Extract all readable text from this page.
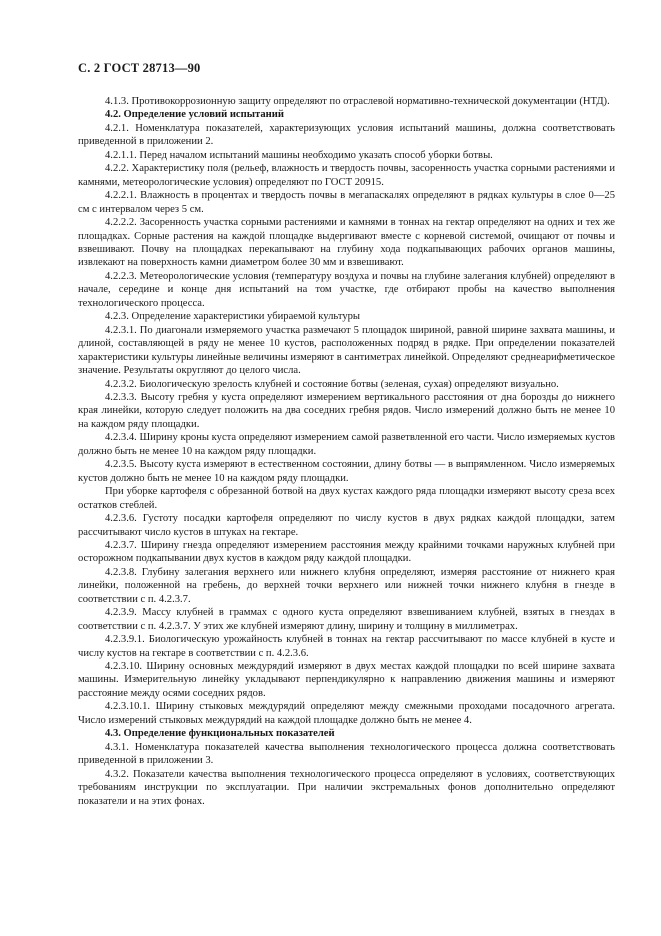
С. 2 ГОСТ 28713—90

4.1.3. Противокоррозионную защиту определяют по отраслевой нормативно-технической документации (НТД).

4.2. Определение условий испытаний

4.2.1. Номенклатура показателей, характеризующих условия испытаний машины, должна соответствовать приведенной в приложении 2.

4.2.1.1. Перед началом испытаний машины необходимо указать способ уборки ботвы.

4.2.2. Характеристику поля (рельеф, влажность и твердость почвы, засоренность участка сорными растениями и камнями, метеорологические условия) определяют по ГОСТ 20915.

4.2.2.1. Влажность в процентах и твердость почвы в мегапаскалях определяют в рядках культуры в слое 0—25 см с интервалом через 5 см.

4.2.2.2. Засоренность участка сорными растениями и камнями в тоннах на гектар определяют на одних и тех же площадках. Сорные растения на каждой площадке выдергивают вместе с корневой системой, очищают от почвы и взвешивают. Почву на площадках перекапывают на глубину хода подкапывающих рабочих органов машины, извлекают на поверхность камни диаметром более 30 мм и взвешивают.

4.2.2.3. Метеорологические условия (температуру воздуха и почвы на глубине залегания клубней) определяют в начале, середине и конце дня испытаний на том участке, где отбирают пробы на качество выполнения технологического процесса.

4.2.3. Определение характеристики убираемой культуры

4.2.3.1. По диагонали измеряемого участка размечают 5 площадок шириной, равной ширине захвата машины, и длиной, составляющей в ряду не менее 10 кустов, расположенных подряд в рядке. При определении показателей характеристики культуры линейные величины измеряют в сантиметрах линейкой. Определяют среднеарифметическое значение. Результаты округляют до целого числа.

4.2.3.2. Биологическую зрелость клубней и состояние ботвы (зеленая, сухая) определяют визуально.

4.2.3.3. Высоту гребня у куста определяют измерением вертикального расстояния от дна борозды до нижнего края линейки, которую следует положить на два соседних гребня рядов. Число измерений должно быть не менее 10 на каждом ряду площадки.

4.2.3.4. Ширину кроны куста определяют измерением самой разветвленной его части. Число измеряемых кустов должно быть не менее 10 на каждом ряду площадки.

4.2.3.5. Высоту куста измеряют в естественном состоянии, длину ботвы — в выпрямленном. Число измеряемых кустов должно быть не менее 10 на каждом ряду площадки.

При уборке картофеля с обрезанной ботвой на двух кустах каждого ряда площадки измеряют высоту среза всех остатков стеблей.

4.2.3.6. Густоту посадки картофеля определяют по числу кустов в двух рядках каждой площадки, затем рассчитывают число кустов в штуках на гектаре.

4.2.3.7. Ширину гнезда определяют измерением расстояния между крайними точками наружных клубней при осторожном подкапывании двух кустов в каждом ряду каждой площадки.

4.2.3.8. Глубину залегания верхнего или нижнего клубня определяют, измеряя расстояние от нижнего края линейки, положенной на гребень, до верхней точки верхнего или нижней точки нижнего клубня в гнезде в соответствии с п. 4.2.3.7.

4.2.3.9. Массу клубней в граммах с одного куста определяют взвешиванием клубней, взятых в гнездах в соответствии с п. 4.2.3.7. У этих же клубней измеряют длину, ширину и толщину в миллиметрах.

4.2.3.9.1. Биологическую урожайность клубней в тоннах на гектар рассчитывают по массе клубней в кусте и числу кустов на гектаре в соответствии с п. 4.2.3.6.

4.2.3.10. Ширину основных междурядий измеряют в двух местах каждой площадки по всей ширине захвата машины. Измерительную линейку укладывают перпендикулярно к направлению движения машины и измеряют расстояние между осями соседних рядов.

4.2.3.10.1. Ширину стыковых междурядий определяют между смежными проходами посадочного агрегата. Число измерений стыковых междурядий на каждой площадке должно быть не менее 4.

4.3. Определение функциональных показателей

4.3.1. Номенклатура показателей качества выполнения технологического процесса должна соответствовать приведенной в приложении 3.

4.3.2. Показатели качества выполнения технологического процесса определяют в условиях, соответствующих требованиям инструкции по эксплуатации. При наличии экстремальных фонов дополнительно определяют показатели и на этих фонах.
